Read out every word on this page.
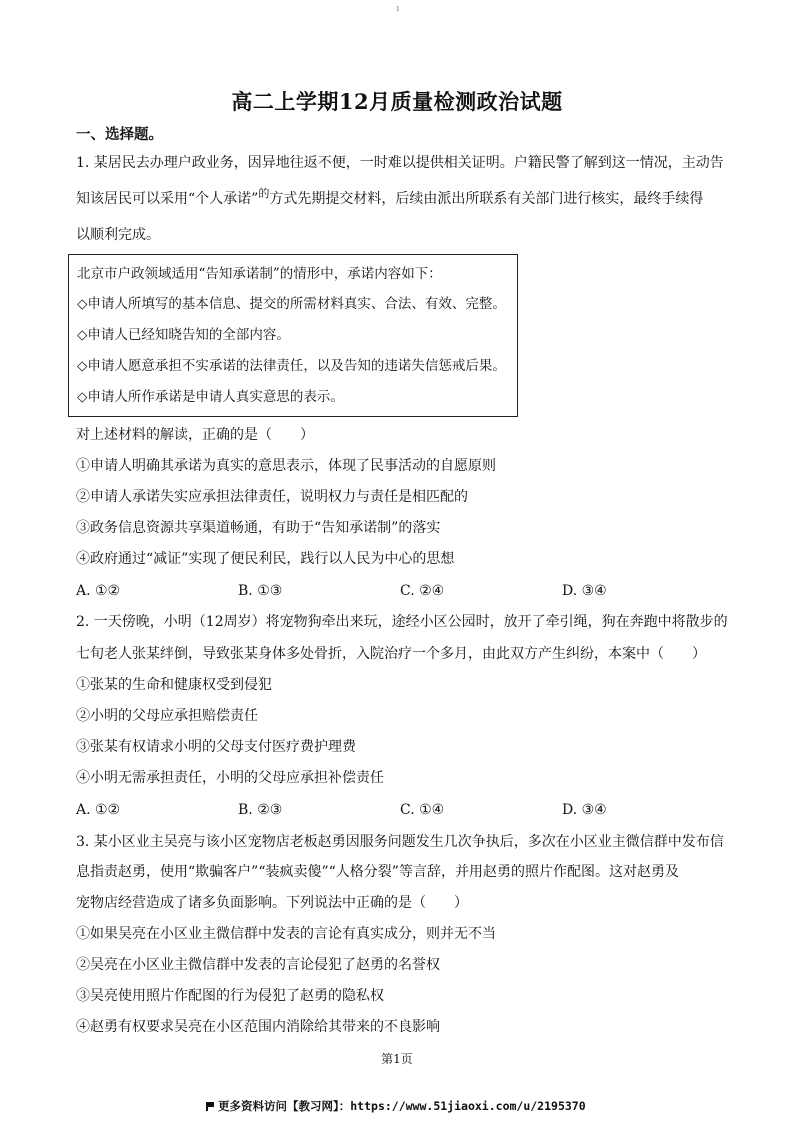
1
高二上学期12月质量检测政治试题
一、选择题。
1. 某居民去办理户政业务，因异地往返不便，一时难以提供相关证明。户籍民警了解到这一情况，主动告
知该居民可以采用“个人承诺”$^的$方式先期提交材料，后续由派出所联系有关部门进行核实，最终手续得
以顺利完成。
北京市户政领域适用“告知承诺制”的情形中，承诺内容如下：
◇申请人所填写的基本信息、提交的所需材料真实、合法、有效、完整。
◇申请人已经知晓告知的全部内容。
◇申请人愿意承担不实承诺的法律责任，以及告知的违诺失信惩戒后果。
◇申请人所作承诺是申请人真实意思的表示。
对上述材料的解读，正确的是（　　）
①申请人明确其承诺为真实的意思表示，体现了民事活动的自愿原则
②申请人承诺失实应承担法律责任，说明权力与责任是相匹配的
③政务信息资源共享渠道畅通，有助于“告知承诺制”的落实
④政府通过“减证”实现了便民利民，践行以人民为中心的思想
A. ①②	B. ①③	C. ②④	D. ③④
2. 一天傍晚，小明（12周岁）将宠物狗牵出来玩，途经小区公园时，放开了牵引绳，狗在奔跑中将散步的
七旬老人张某绊倒，导致张某身体多处骨折，入院治疗一个多月，由此双方产生纠纷，本案中（　　）
①张某的生命和健康权受到侵犯
②小明的父母应承担赔偿责任
③张某有权请求小明的父母支付医疗费护理费
④小明无需承担责任，小明的父母应承担补偿责任
A. ①②	B. ②③	C. ①④	D. ③④
3. 某小区业主吴亮与该小区宠物店老板赵勇因服务问题发生几次争执后，多次在小区业主微信群中发布信
息指责赵勇，使用“欺骗客户”“装疯卖傻”“人格分裂”等言辞，并用赵勇的照片作配图。这对赵勇及
宠物店经营造成了诸多负面影响。下列说法中正确的是（　　）
①如果吴亮在小区业主微信群中发表的言论有真实成分，则并无不当
②吴亮在小区业主微信群中发表的言论侵犯了赵勇的名誉权
③吴亮使用照片作配图的行为侵犯了赵勇的隐私权
④赵勇有权要求吴亮在小区范围内消除给其带来的不良影响
第1页
更多资料访问【教习网】：https://www.51jiaoxi.com/u/2195370
